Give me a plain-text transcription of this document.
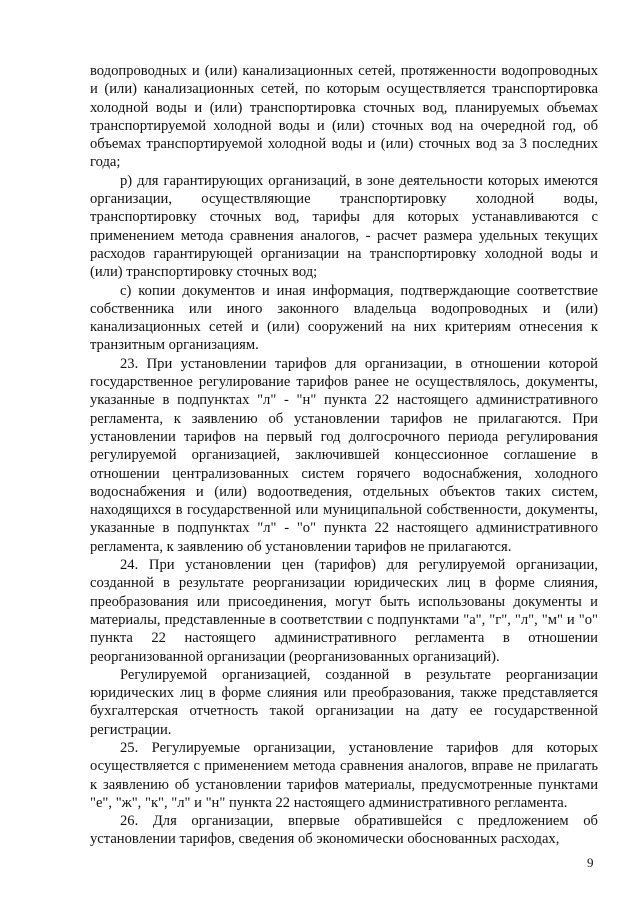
водопроводных и (или) канализационных сетей, протяженности водопроводных и (или) канализационных сетей, по которым осуществляется транспортировка холодной воды и (или) транспортировка сточных вод, планируемых объемах транспортируемой холодной воды и (или) сточных вод на очередной год, об объемах транспортируемой холодной воды и (или) сточных вод за 3 последних года;

р) для гарантирующих организаций, в зоне деятельности которых имеются организации, осуществляющие транспортировку холодной воды, транспортировку сточных вод, тарифы для которых устанавливаются с применением метода сравнения аналогов, - расчет размера удельных текущих расходов гарантирующей организации на транспортировку холодной воды и (или) транспортировку сточных вод;

с) копии документов и иная информация, подтверждающие соответствие собственника или иного законного владельца водопроводных и (или) канализационных сетей и (или) сооружений на них критериям отнесения к транзитным организациям.

23. При установлении тарифов для организации, в отношении которой государственное регулирование тарифов ранее не осуществлялось, документы, указанные в подпунктах "л" - "н" пункта 22 настоящего административного регламента, к заявлению об установлении тарифов не прилагаются. При установлении тарифов на первый год долгосрочного периода регулирования регулируемой организацией, заключившей концессионное соглашение в отношении централизованных систем горячего водоснабжения, холодного водоснабжения и (или) водоотведения, отдельных объектов таких систем, находящихся в государственной или муниципальной собственности, документы, указанные в подпунктах "л" - "о" пункта 22 настоящего административного регламента, к заявлению об установлении тарифов не прилагаются.

24. При установлении цен (тарифов) для регулируемой организации, созданной в результате реорганизации юридических лиц в форме слияния, преобразования или присоединения, могут быть использованы документы и материалы, представленные в соответствии с подпунктами "а", "г", "л", "м" и "о" пункта 22 настоящего административного регламента в отношении реорганизованной организации (реорганизованных организаций).

Регулируемой организацией, созданной в результате реорганизации юридических лиц в форме слияния или преобразования, также представляется бухгалтерская отчетность такой организации на дату ее государственной регистрации.

25. Регулируемые организации, установление тарифов для которых осуществляется с применением метода сравнения аналогов, вправе не прилагать к заявлению об установлении тарифов материалы, предусмотренные пунктами "е", "ж", "к", "л" и "н" пункта 22 настоящего административного регламента.

26. Для организации, впервые обратившейся с предложением об установлении тарифов, сведения об экономически обоснованных расходах,

9
